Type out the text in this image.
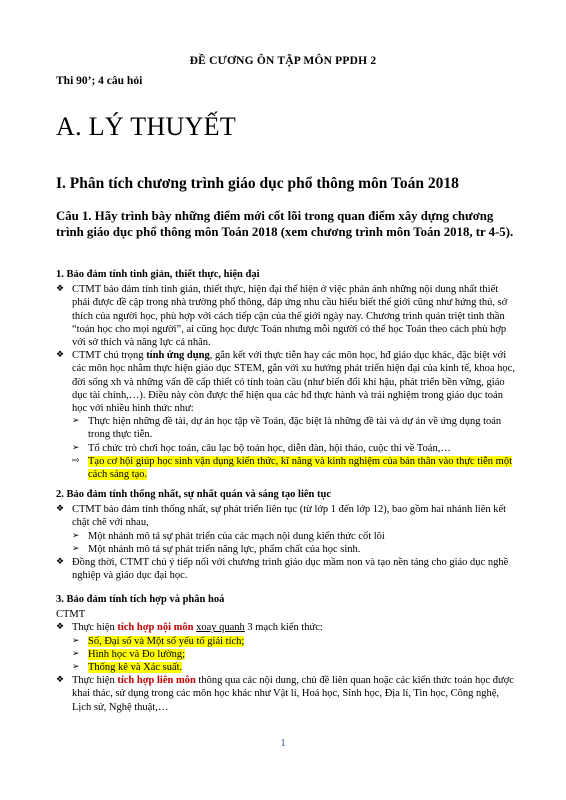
ĐỀ CƯƠNG ÔN TẬP MÔN PPDH 2
Thi 90’; 4 câu hỏi
A. LÝ THUYẾT
I. Phân tích chương trình giáo dục phổ thông môn Toán 2018
Câu 1. Hãy trình bày những điểm mới cốt lõi trong quan điểm xây dựng chương trình giáo dục phổ thông môn Toán 2018 (xem chương trình môn Toán 2018, tr 4-5).
1. Bảo đảm tính tinh giản, thiết thực, hiện đại
❖ CTMT bảo đảm tính tinh giản, thiết thực, hiện đại thể hiện ở việc phản ánh những nội dung nhất thiết phải được đề cập trong nhà trường phổ thông, đáp ứng nhu cầu hiểu biết thế giới cũng như hứng thú, sở thích của người học, phù hợp với cách tiếp cận của thế giới ngày nay. Chương trình quán triệt tinh thần “toán học cho mọi người”, ai cũng học được Toán nhưng mỗi người có thể học Toán theo cách phù hợp với sở thích và năng lực cá nhân.
❖ CTMT chú trọng tính ứng dụng, gắn kết với thực tiễn hay các môn học, hđ giáo dục khác, đặc biệt với các môn học nhằm thực hiện giáo dục STEM, gắn với xu hướng phát triển hiện đại của kinh tế, khoa học, đời sống xh và những vấn đề cấp thiết có tính toàn cầu (như biến đổi khí hậu, phát triển bền vững, giáo dục tài chính,…). Điều này còn được thể hiện qua các hđ thực hành và trải nghiệm trong giáo dục toán học với nhiều hình thức như:
➢ Thực hiện những đề tài, dự án học tập về Toán, đặc biệt là những đề tài và dự án về ứng dụng toán trong thực tiễn.
➢ Tổ chức trò chơi học toán, câu lạc bộ toán học, diễn đàn, hội thảo, cuộc thi về Toán,…
⇨ Tạo cơ hội giúp học sinh vận dụng kiến thức, kĩ năng và kinh nghiệm của bản thân vào thực tiễn một cách sáng tạo.
2. Bảo đảm tính thống nhất, sự nhất quán và sáng tạo liên tục
❖ CTMT bảo đảm tính thống nhất, sự phát triển liên tục (từ lớp 1 đến lớp 12), bao gồm hai nhánh liên kết chặt chẽ với nhau,
➢ Một nhánh mô tả sự phát triển của các mạch nội dung kiến thức cốt lõi
➢ Một nhánh mô tả sự phát triển năng lực, phẩm chất của học sinh.
❖ Đồng thời, CTMT chú ý tiếp nối với chương trình giáo dục mầm non và tạo nền tảng cho giáo dục nghề nghiệp và giáo dục đại học.
3. Bảo đảm tính tích hợp và phân hoá
CTMT
❖ Thực hiện tích hợp nội môn xoay quanh 3 mạch kiến thức:
➢ Số, Đại số và Một số yếu tố giải tích;
➢ Hình học và Đo lường;
➢ Thống kê và Xác suất.
❖ Thực hiện tích hợp liên môn thông qua các nội dung, chủ đề liên quan hoặc các kiến thức toán học được khai thác, sử dụng trong các môn học khác như Vật lí, Hoá học, Sinh học, Địa lí, Tin học, Công nghệ, Lịch sử, Nghệ thuật,…
1
